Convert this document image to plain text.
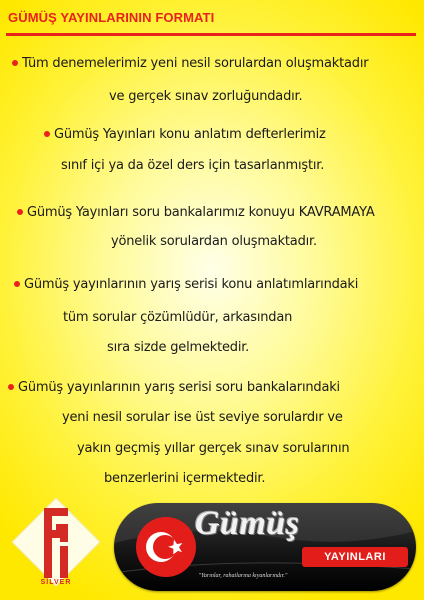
GÜMÜŞ YAYINLARININ FORMATI
Tüm denemelerimiz yeni nesil sorulardan oluşmaktadır
ve gerçek sınav zorluğundadır.
Gümüş Yayınları konu anlatım defterlerimiz
sınıf içi ya da özel ders için tasarlanmıştır.
Gümüş Yayınları soru bankalarımız konuyu KAVRAMAYA
yönelik sorulardan oluşmaktadır.
Gümüş yayınlarının yarış serisi konu anlatımlarındaki
tüm sorular çözümlüdür, arkasından
sıra sizde gelmektedir.
Gümüş yayınlarının yarış serisi soru bankalarındaki
yeni nesil sorular ise üst seviye sorulardır ve
yakın geçmiş yıllar gerçek sınav sorularının
benzerlerini içermektedir.
SİLVER
Gümüş
YAYINLARI
"Yarınlar, rahatlarına kıyanlarındır."
